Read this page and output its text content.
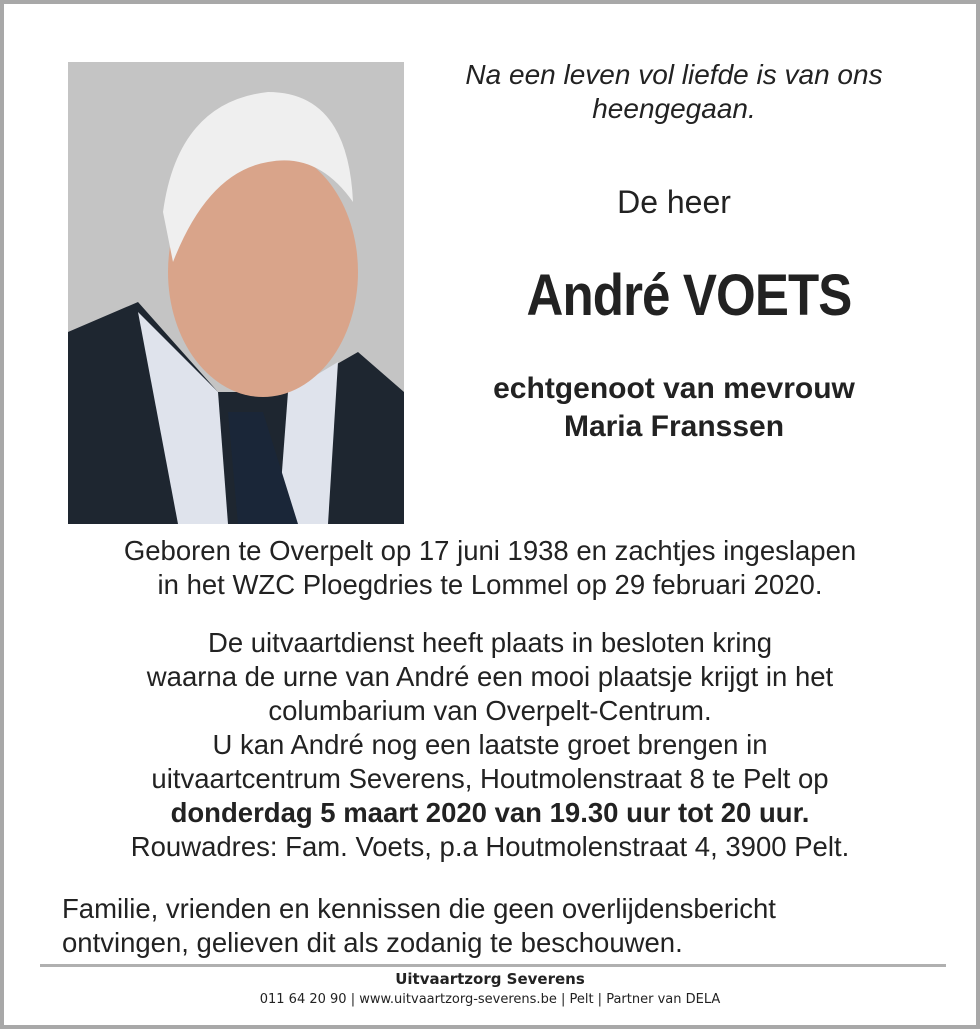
Na een leven vol liefde is van ons
heengegaan.
De heer
André VOETS
echtgenoot van mevrouw
Maria Franssen
Geboren te Overpelt op 17 juni 1938 en zachtjes ingeslapen
in het WZC Ploegdries te Lommel op 29 februari 2020.
De uitvaartdienst heeft plaats in besloten kring
waarna de urne van André een mooi plaatsje krijgt in het
columbarium van Overpelt-Centrum.
U kan André nog een laatste groet brengen in
uitvaartcentrum Severens, Houtmolenstraat 8 te Pelt op
donderdag 5 maart 2020 van 19.30 uur tot 20 uur.
Rouwadres: Fam. Voets, p.a Houtmolenstraat 4, 3900 Pelt.
Familie, vrienden en kennissen die geen overlijdensbericht
ontvingen, gelieven dit als zodanig te beschouwen.
Uitvaartzorg Severens
011 64 20 90 | www.uitvaartzorg-severens.be | Pelt | Partner van DELA
